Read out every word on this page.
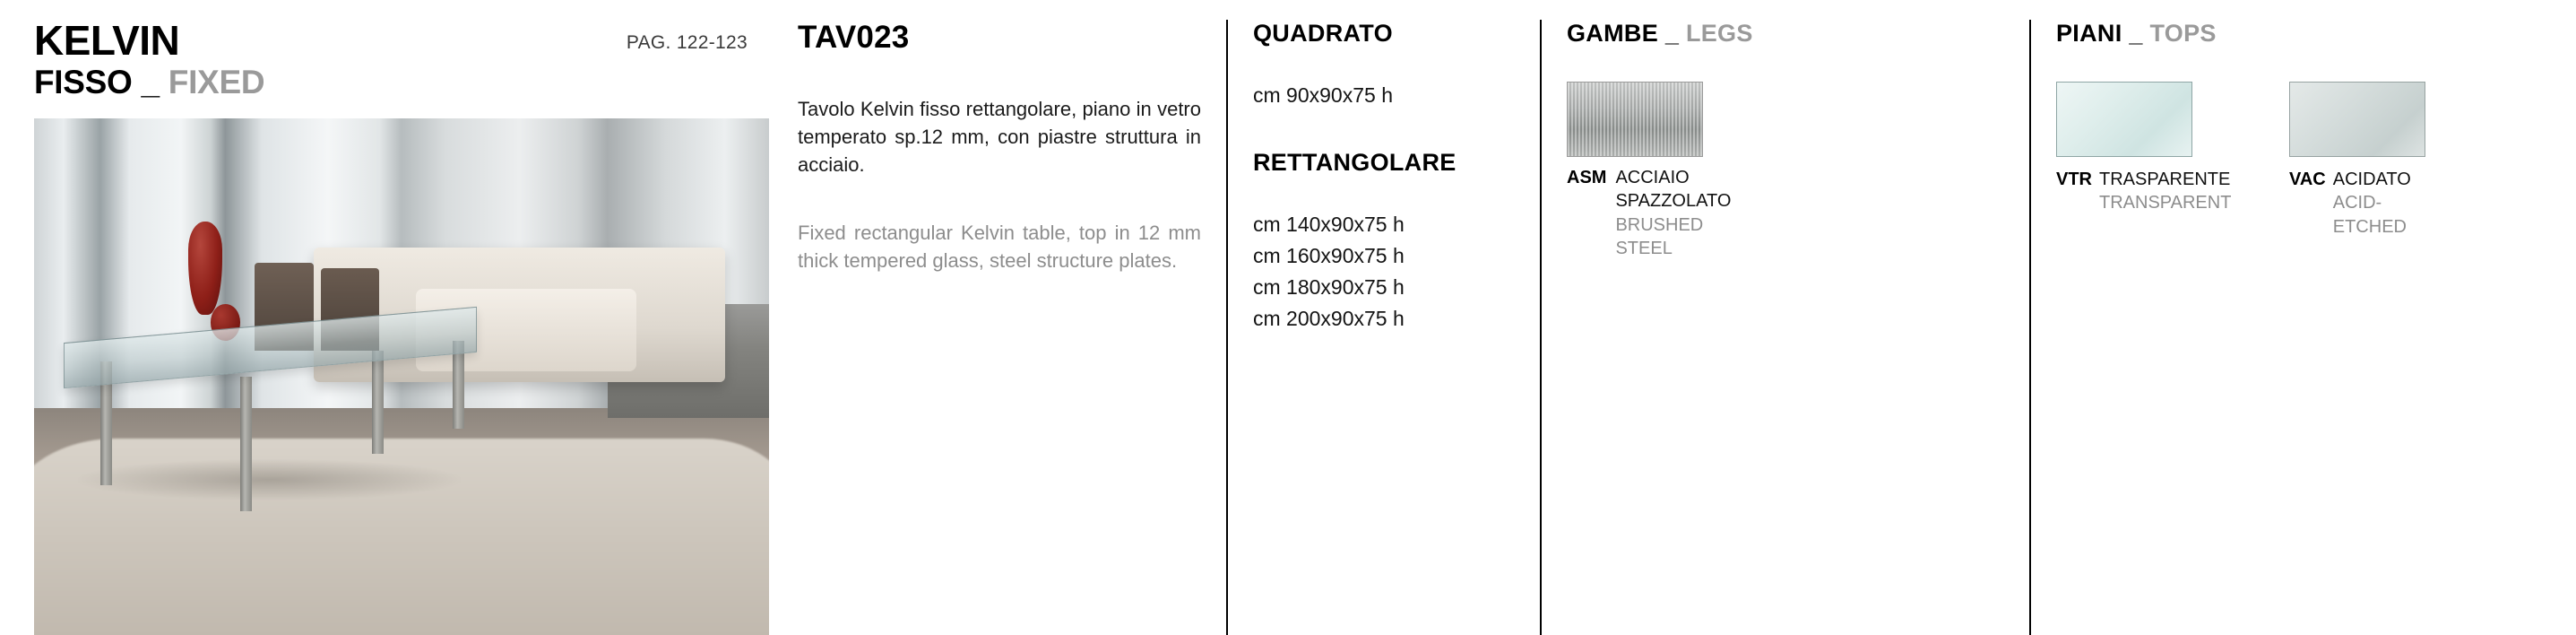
KELVIN
FISSO _ FIXED
PAG. 122-123 TAV023

Tavolo Kelvin fisso rettangolare, piano in vetro temperato sp.12 mm, con piastre struttura in acciaio.

Fixed rectangular Kelvin table, top in 12 mm thick tempered glass, steel structure plates.

QUADRATO
cm 90x90x75 h
RETTANGOLARE
cm 140x90x75 h
cm 160x90x75 h
cm 180x90x75 h
cm 200x90x75 h
GAMBE _ LEGS
ASM ACCIAIO
SPAZZOLATO
BRUSHED
STEEL
PIANI _ TOPS
VTR TRASPARENTE
TRANSPARENT
VAC ACIDATO
ACID-ETCHED
